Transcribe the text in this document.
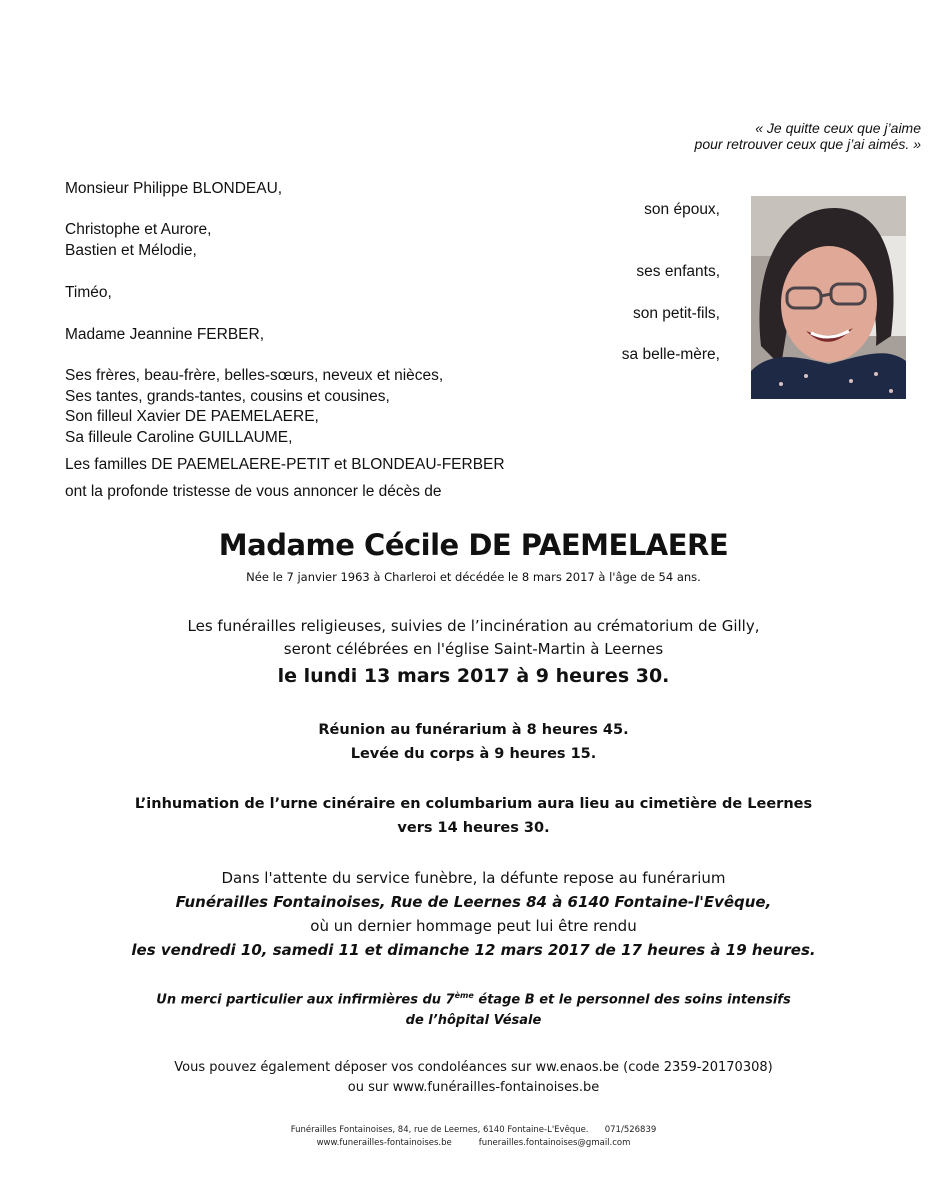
« Je quitte ceux que j’aime
pour retrouver ceux que j’ai aimés. »
Monsieur Philippe BLONDEAU,
son époux,
Christophe et Aurore,
Bastien et Mélodie,
ses enfants,
Timéo,
son petit-fils,
Madame Jeannine FERBER,
sa belle-mère,
Ses frères, beau-frère, belles-sœurs, neveux et nièces,
Ses tantes, grands-tantes, cousins et cousines,
Son filleul Xavier DE PAEMELAERE,
Sa filleule Caroline GUILLAUME,
Les familles DE PAEMELAERE-PETIT et BLONDEAU-FERBER
ont la profonde tristesse de vous annoncer le décès de
Madame Cécile DE PAEMELAERE
Née le 7 janvier 1963 à Charleroi et décédée le 8 mars 2017 à l'âge de 54 ans.
Les funérailles religieuses, suivies de l’incinération au crématorium de Gilly,
seront célébrées en l'église Saint-Martin à Leernes
le lundi 13 mars 2017 à 9 heures 30.
Réunion au funérarium à 8 heures 45.
Levée du corps à 9 heures 15.
L’inhumation de l’urne cinéraire en columbarium aura lieu au cimetière de Leernes
vers 14 heures 30.
Dans l'attente du service funèbre, la défunte repose au funérarium
Funérailles Fontainoises, Rue de Leernes 84 à 6140 Fontaine-l'Evêque,
où un dernier hommage peut lui être rendu
les vendredi 10, samedi 11 et dimanche 12 mars 2017 de 17 heures à 19 heures.
Un merci particulier aux infirmières du 7ème étage B et le personnel des soins intensifs
de l’hôpital Vésale
Vous pouvez également déposer vos condoléances sur ww.enaos.be (code 2359-20170308)
ou sur www.funérailles-fontainoises.be
Funérailles Fontainoises, 84, rue de Leernes, 6140 Fontaine-L'Evêque. 071/526839
www.funerailles-fontainoises.be	funerailles.fontainoises@gmail.com
